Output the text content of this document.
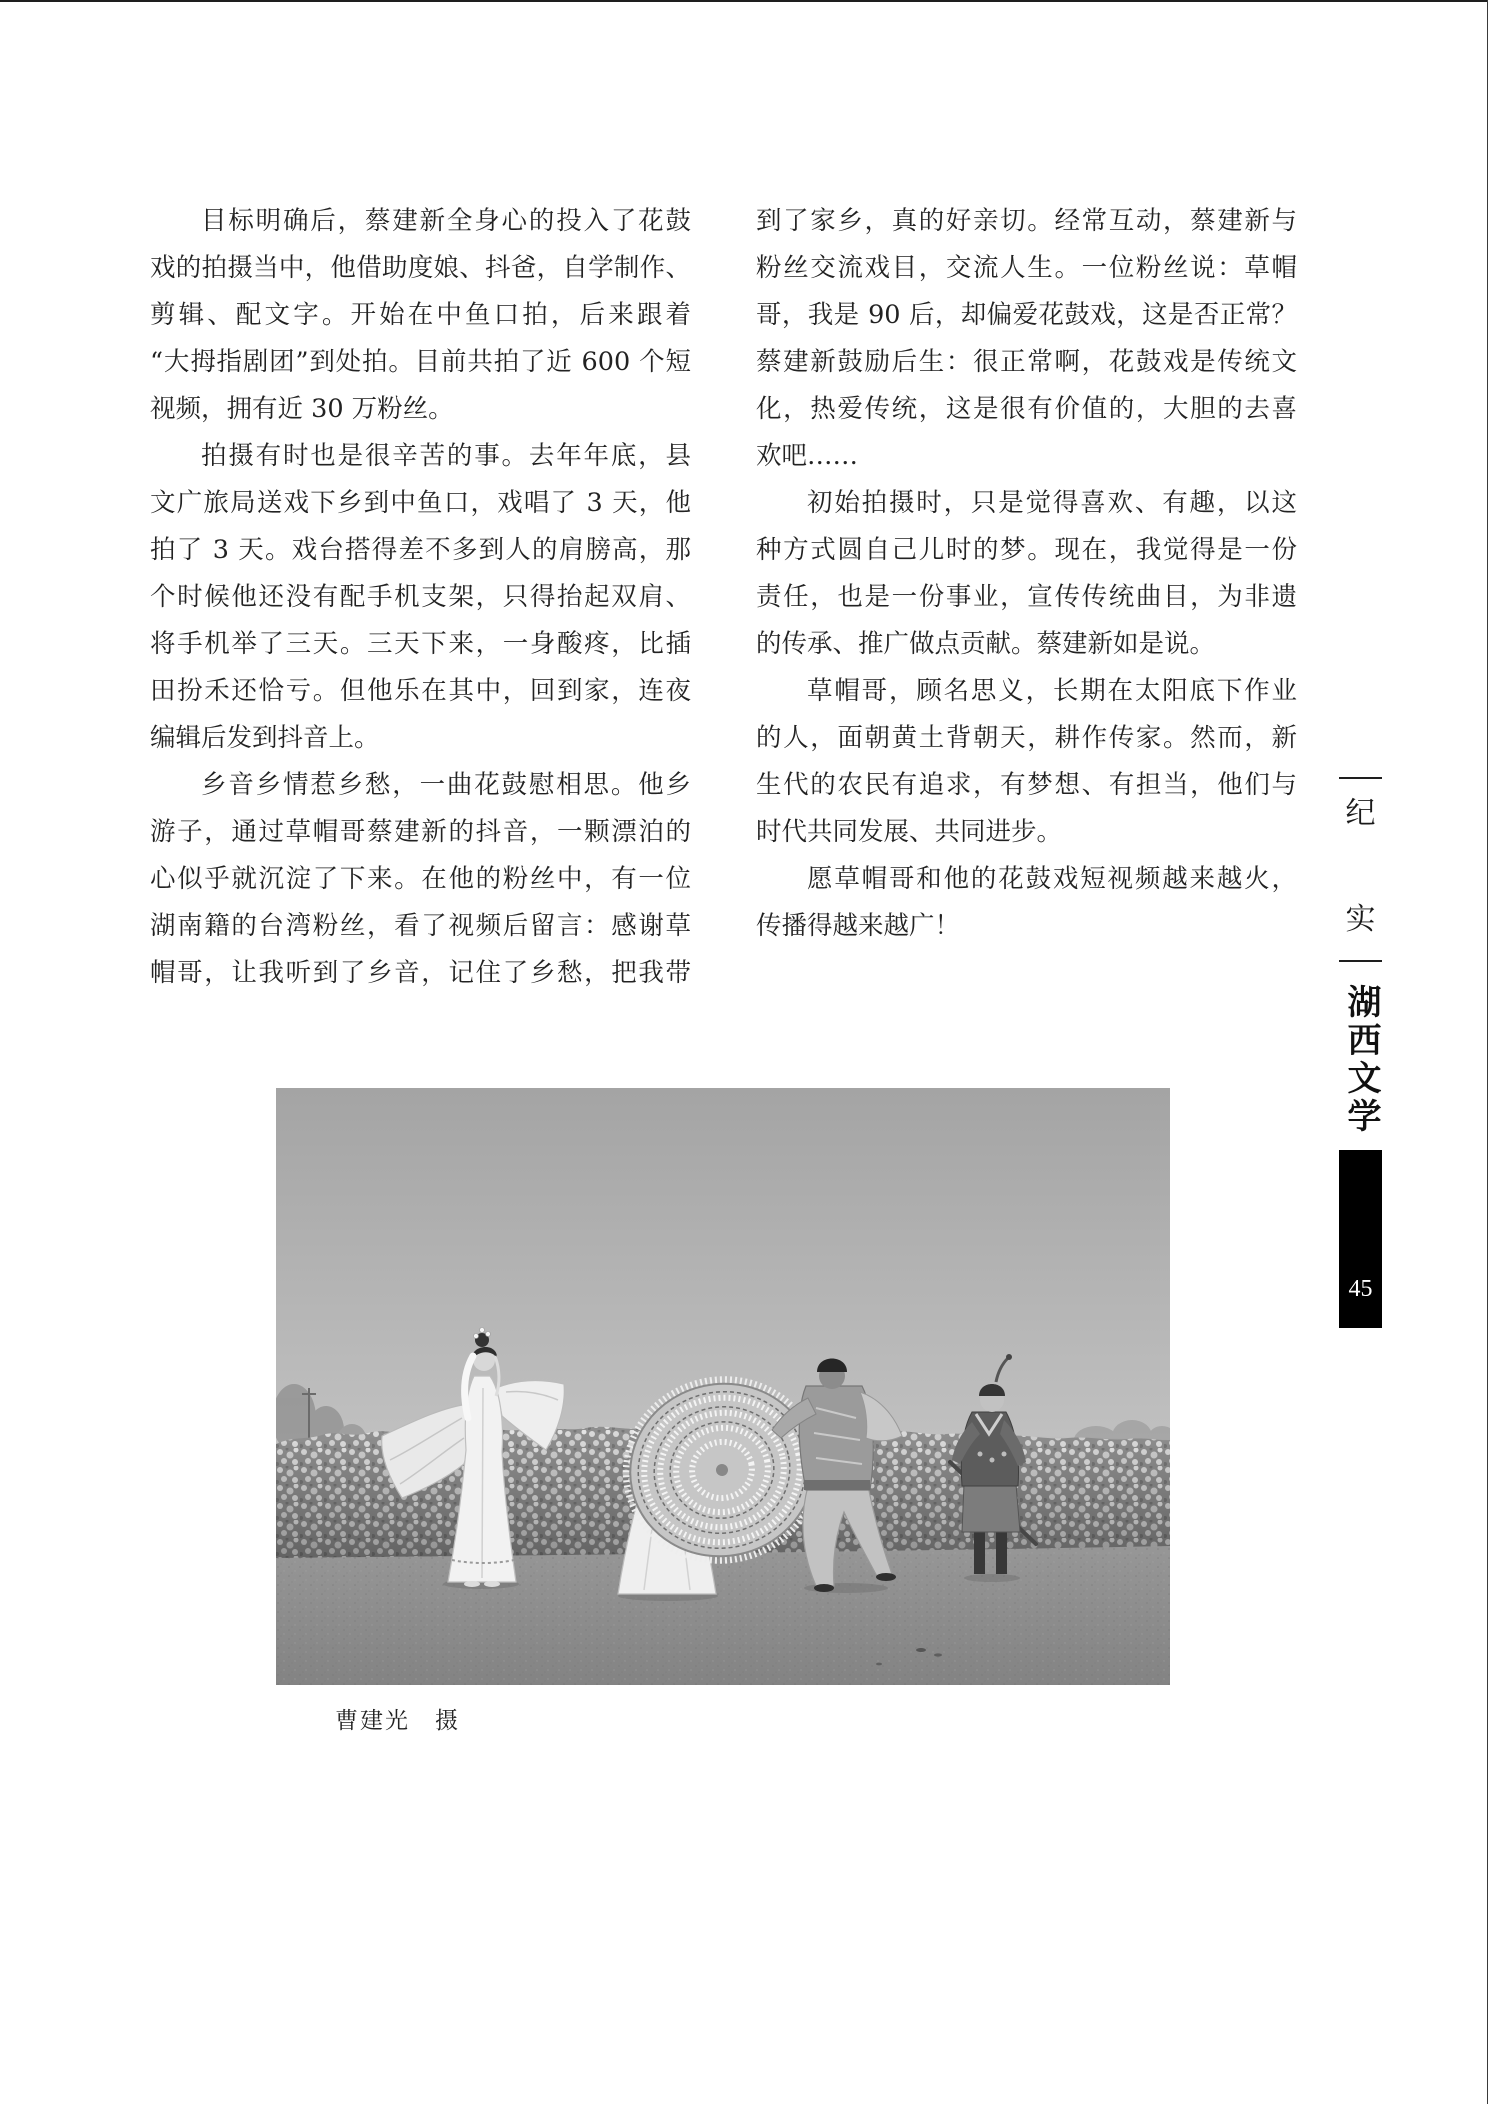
目标明确后，蔡建新全身心的投入了花鼓
戏的拍摄当中，他借助度娘、抖爸，自学制作、
剪辑、配文字。开始在中鱼口拍，后来跟着
“大拇指剧团”到处拍。目前共拍了近 600 个短
视频，拥有近 30 万粉丝。
拍摄有时也是很辛苦的事。去年年底，县
文广旅局送戏下乡到中鱼口，戏唱了 3 天，他
拍了 3 天。戏台搭得差不多到人的肩膀高，那
个时候他还没有配手机支架，只得抬起双肩、
将手机举了三天。三天下来，一身酸疼，比插
田扮禾还恰亏。但他乐在其中，回到家，连夜
编辑后发到抖音上。
乡音乡情惹乡愁，一曲花鼓慰相思。他乡
游子，通过草帽哥蔡建新的抖音，一颗漂泊的
心似乎就沉淀了下来。在他的粉丝中，有一位
湖南籍的台湾粉丝，看了视频后留言：感谢草
帽哥，让我听到了乡音，记住了乡愁，把我带
到了家乡，真的好亲切。经常互动，蔡建新与
粉丝交流戏目，交流人生。一位粉丝说：草帽
哥，我是 90 后，却偏爱花鼓戏，这是否正常？
蔡建新鼓励后生：很正常啊，花鼓戏是传统文
化，热爱传统，这是很有价值的，大胆的去喜
欢吧……
初始拍摄时，只是觉得喜欢、有趣，以这
种方式圆自己儿时的梦。现在，我觉得是一份
责任，也是一份事业，宣传传统曲目，为非遗
的传承、推广做点贡献。蔡建新如是说。
草帽哥，顾名思义，长期在太阳底下作业
的人，面朝黄土背朝天，耕作传家。然而，新
生代的农民有追求，有梦想、有担当，他们与
时代共同发展、共同进步。
愿草帽哥和他的花鼓戏短视频越来越火，
传播得越来越广！
曹建光　摄
纪
实
湖西文学
45
